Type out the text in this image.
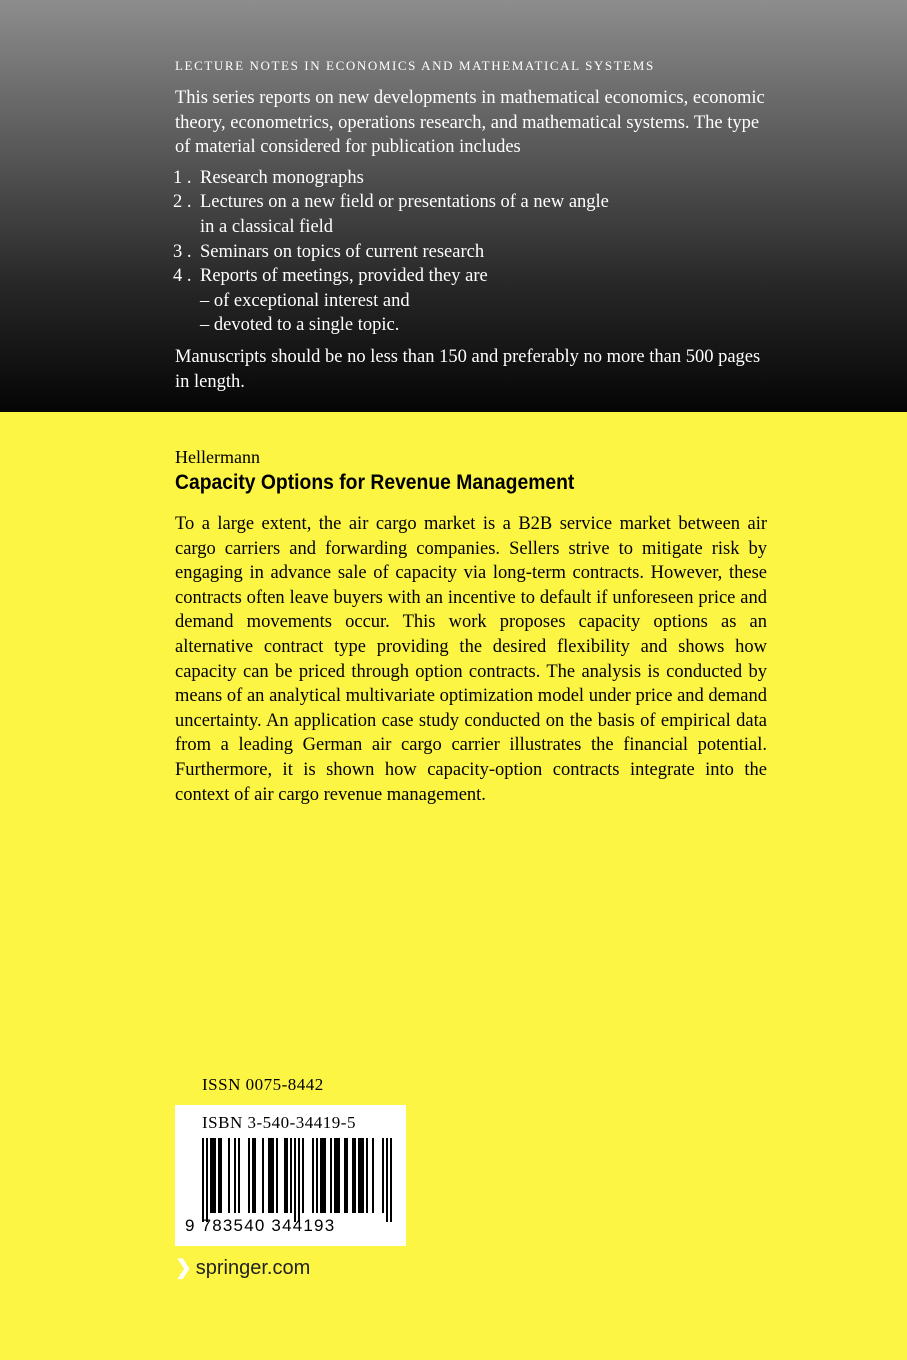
LECTURE NOTES IN ECONOMICS AND MATHEMATICAL SYSTEMS

This series reports on new developments in mathematical economics, economic theory, econometrics, operations research, and mathematical systems. The type of material considered for publication includes

1 . Research monographs
2 . Lectures on a new field or presentations of a new angle
in a classical field
3 . Seminars on topics of current research
4 . Reports of meetings, provided they are
– of exceptional interest and
– devoted to a single topic.

Manuscripts should be no less than 150 and preferably no more than 500 pages in length.

Hellermann
Capacity Options for Revenue Management
To a large extent, the air cargo market is a B2B service market between air cargo carriers and forwarding companies. Sellers strive to mitigate risk by engaging in advance sale of capacity via long-term contracts. However, these contracts often leave buyers with an incentive to default if unforeseen price and demand movements occur. This work proposes capacity options as an alternative contract type providing the desired flexibility and shows how capacity can be priced through option contracts. The analysis is conducted by means of an analytical multivariate optimization model under price and demand uncertainty. An application case study conducted on the basis of empirical data from a leading German air cargo carrier illustrates the financial potential. Furthermore, it is shown how capacity-option contracts integrate into the context of air cargo revenue management.
ISSN 0075-8442
ISBN 3-540-34419-5
9 783540 344193
❯ springer.com
